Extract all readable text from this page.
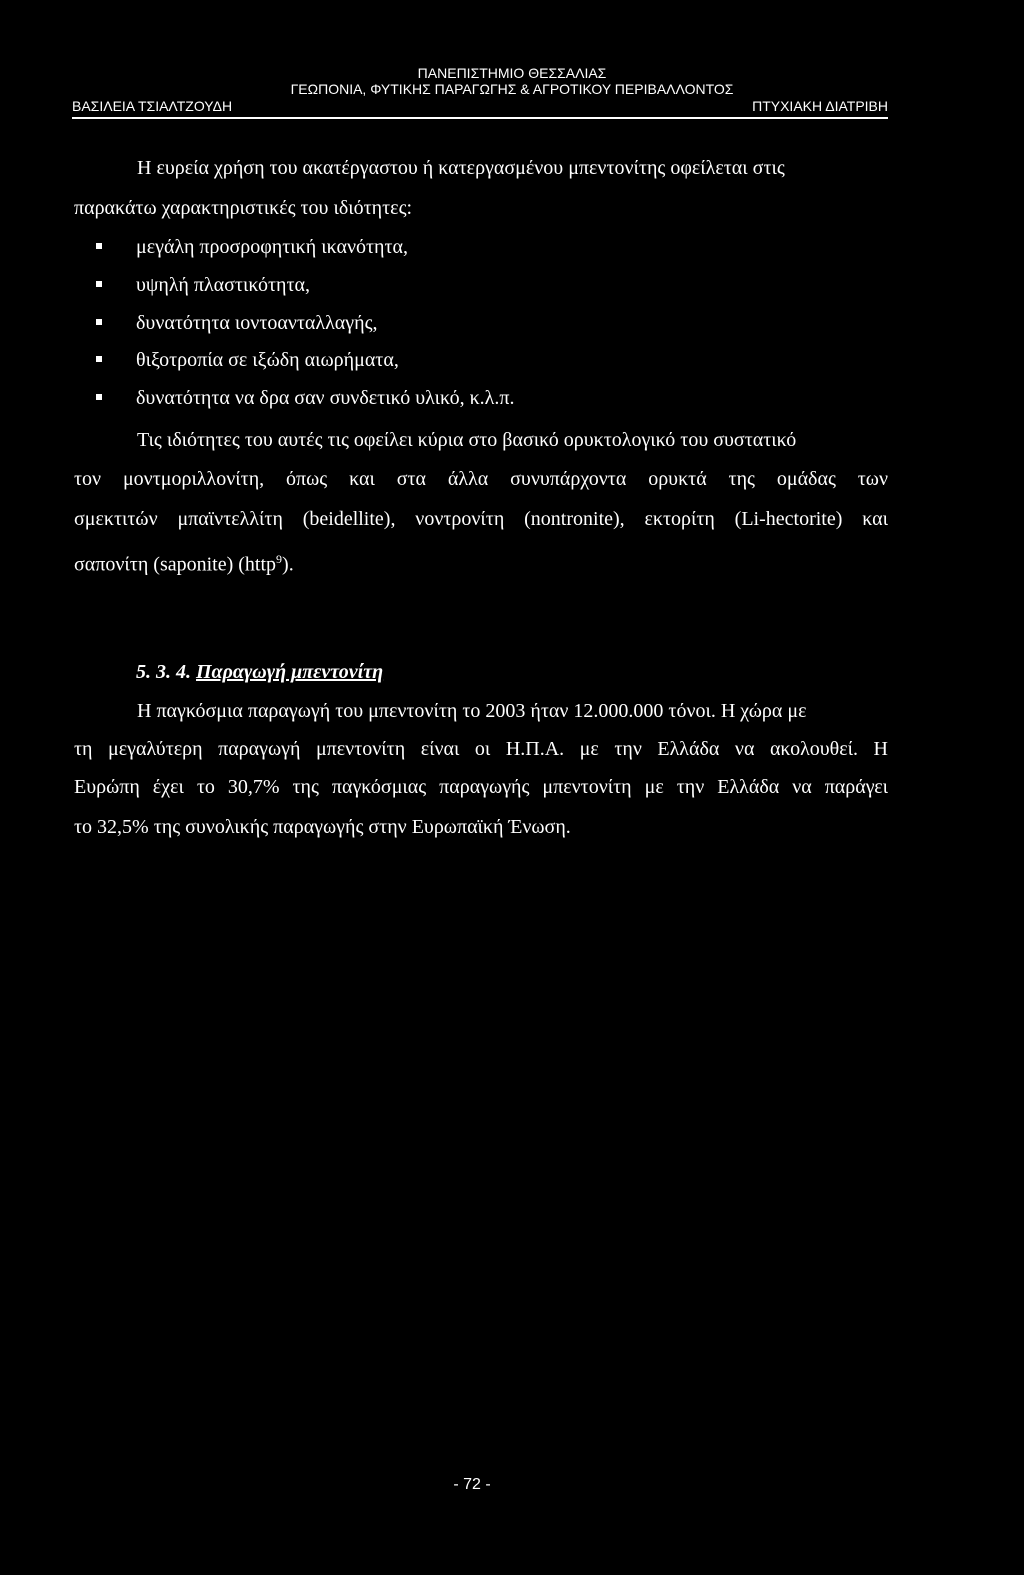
ΠΑΝΕΠΙΣΤΗΜΙΟ ΘΕΣΣΑΛΙΑΣ
ΓΕΩΠΟΝΙΑ, ΦΥΤΙΚΗΣ ΠΑΡΑΓΩΓΗΣ & ΑΓΡΟΤΙΚΟΥ ΠΕΡΙΒΑΛΛΟΝΤΟΣ
ΒΑΣΙΛΕΙΑ ΤΣΙΑΛΤΖΟΥΔΗ	ΠΤΥΧΙΑΚΗ ΔΙΑΤΡΙΒΗ
Η ευρεία χρήση του ακατέργαστου ή κατεργασμένου μπεντονίτης οφείλεται στις
παρακάτω χαρακτηριστικές του ιδιότητες:
μεγάλη προσροφητική ικανότητα,
υψηλή πλαστικότητα,
δυνατότητα ιοντοανταλλαγής,
θιξοτροπία σε ιξώδη αιωρήματα,
δυνατότητα να δρα σαν συνδετικό υλικό, κ.λ.π.
Τις ιδιότητες του αυτές τις οφείλει κύρια στο βασικό ορυκτολογικό του συστατικό
τον μοντμοριλλονίτη, όπως και στα άλλα συνυπάρχοντα ορυκτά της ομάδας των
σμεκτιτών μπαϊντελλίτη (beidellite), νοντρονίτη (nontronite), εκτορίτη (Li-hectorite) και
σαπονίτη (saponite) (http$^9$).
5. 3. 4. Παραγωγή μπεντονίτη
Η παγκόσμια παραγωγή του μπεντονίτη το 2003 ήταν 12.000.000 τόνοι. Η χώρα με
τη μεγαλύτερη παραγωγή μπεντονίτη είναι οι Η.Π.Α. με την Ελλάδα να ακολουθεί. Η
Ευρώπη έχει το 30,7% της παγκόσμιας παραγωγής μπεντονίτη με την Ελλάδα να παράγει
το 32,5% της συνολικής παραγωγής στην Ευρωπαϊκή Ένωση.
- 72 -
